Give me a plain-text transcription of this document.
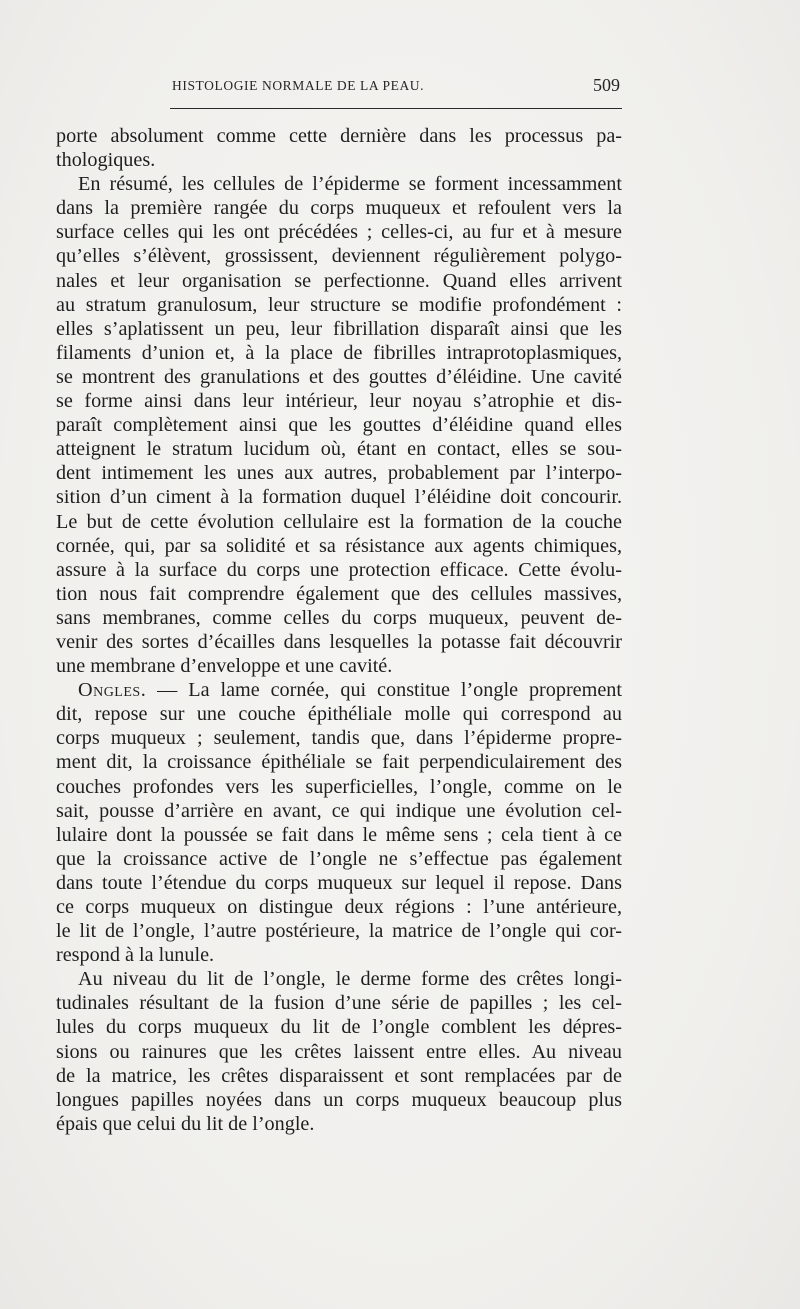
HISTOLOGIE NORMALE DE LA PEAU.	509
porte absolument comme cette dernière dans les processus pa-
thologiques.
En résumé, les cellules de l’épiderme se forment incessamment
dans la première rangée du corps muqueux et refoulent vers la
surface celles qui les ont précédées ; celles-ci, au fur et à mesure
qu’elles s’élèvent, grossissent, deviennent régulièrement polygo-
nales et leur organisation se perfectionne. Quand elles arrivent
au stratum granulosum, leur structure se modifie profondément :
elles s’aplatissent un peu, leur fibrillation disparaît ainsi que les
filaments d’union et, à la place de fibrilles intraprotoplasmiques,
se montrent des granulations et des gouttes d’éléidine. Une cavité
se forme ainsi dans leur intérieur, leur noyau s’atrophie et dis-
paraît complètement ainsi que les gouttes d’éléidine quand elles
atteignent le stratum lucidum où, étant en contact, elles se sou-
dent intimement les unes aux autres, probablement par l’interpo-
sition d’un ciment à la formation duquel l’éléidine doit concourir.
Le but de cette évolution cellulaire est la formation de la couche
cornée, qui, par sa solidité et sa résistance aux agents chimiques,
assure à la surface du corps une protection efficace. Cette évolu-
tion nous fait comprendre également que des cellules massives,
sans membranes, comme celles du corps muqueux, peuvent de-
venir des sortes d’écailles dans lesquelles la potasse fait découvrir
une membrane d’enveloppe et une cavité.
Ongles. — La lame cornée, qui constitue l’ongle proprement
dit, repose sur une couche épithéliale molle qui correspond au
corps muqueux ; seulement, tandis que, dans l’épiderme propre-
ment dit, la croissance épithéliale se fait perpendiculairement des
couches profondes vers les superficielles, l’ongle, comme on le
sait, pousse d’arrière en avant, ce qui indique une évolution cel-
lulaire dont la poussée se fait dans le même sens ; cela tient à ce
que la croissance active de l’ongle ne s’effectue pas également
dans toute l’étendue du corps muqueux sur lequel il repose. Dans
ce corps muqueux on distingue deux régions : l’une antérieure,
le lit de l’ongle, l’autre postérieure, la matrice de l’ongle qui cor-
respond à la lunule.
Au niveau du lit de l’ongle, le derme forme des crêtes longi-
tudinales résultant de la fusion d’une série de papilles ; les cel-
lules du corps muqueux du lit de l’ongle comblent les dépres-
sions ou rainures que les crêtes laissent entre elles. Au niveau
de la matrice, les crêtes disparaissent et sont remplacées par de
longues papilles noyées dans un corps muqueux beaucoup plus
épais que celui du lit de l’ongle.
